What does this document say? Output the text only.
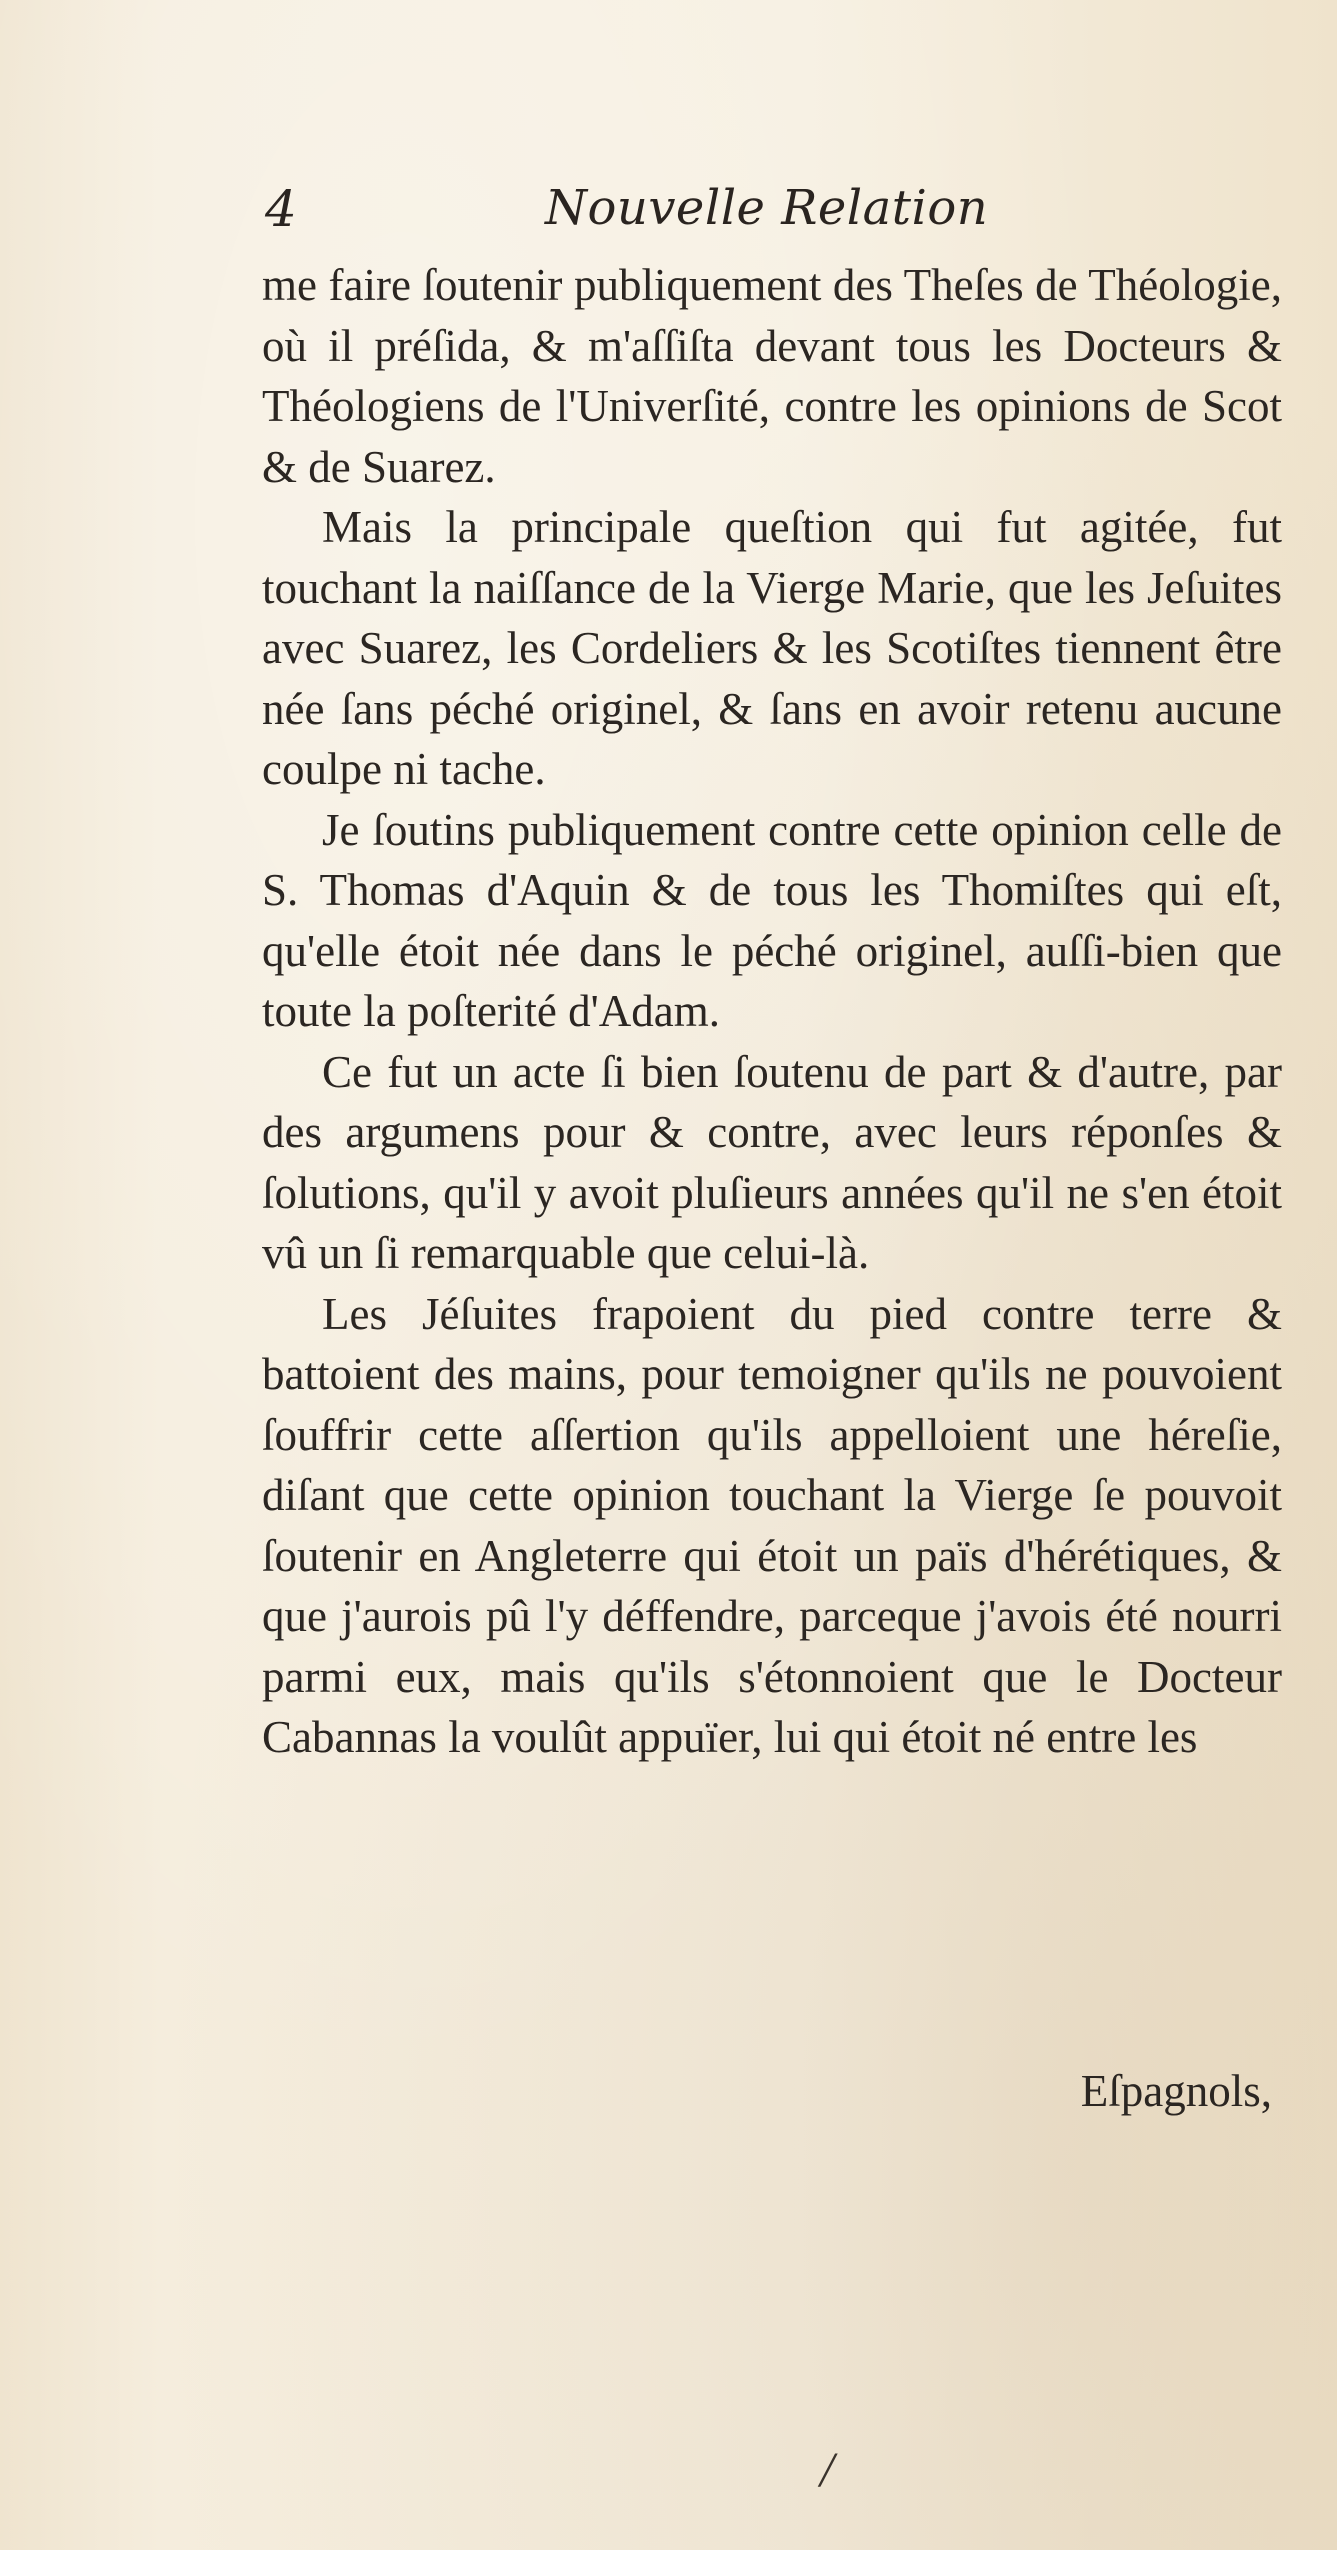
4	Nouvelle Relation

me faire ſoutenir publiquement des Theſes de Théologie, où il préſida, & m'aſſiſta devant tous les Docteurs & Théologiens de l'Univerſité, contre les opinions de Scot & de Suarez.

Mais la principale queſtion qui fut agitée, fut touchant la naiſſance de la Vierge Marie, que les Jeſuites avec Suarez, les Cordeliers & les Scotiſtes tiennent être née ſans péché originel, & ſans en avoir retenu aucune coulpe ni tache.

Je ſoutins publiquement contre cette opinion celle de S. Thomas d'Aquin & de tous les Thomiſtes qui eſt, qu'elle étoit née dans le péché originel, auſſi-bien que toute la poſterité d'Adam.

Ce fut un acte ſi bien ſoutenu de part & d'autre, par des argumens pour & contre, avec leurs réponſes & ſolutions, qu'il y avoit pluſieurs années qu'il ne s'en étoit vû un ſi remarquable que celui-là.

Les Jéſuites frapoient du pied contre terre & battoient des mains, pour temoigner qu'ils ne pouvoient ſouffrir cette aſſertion qu'ils appelloient une héreſie, diſant que cette opinion touchant la Vierge ſe pouvoit ſoutenir en Angleterre qui étoit un païs d'hérétiques, & que j'aurois pû l'y déffendre, parceque j'avois été nourri parmi eux, mais qu'ils s'étonnoient que le Docteur Cabannas la voulût appuïer, lui qui étoit né entre les

Eſpagnols,
/
